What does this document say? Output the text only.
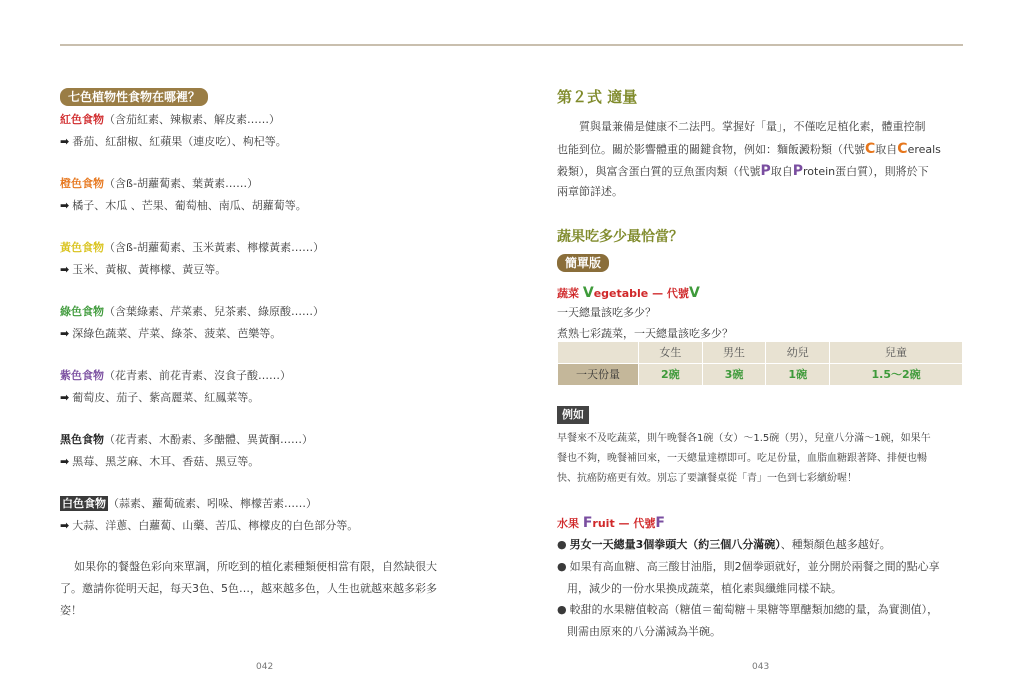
七色植物性食物在哪裡？
紅色食物（含茄紅素、辣椒素、解皮素……）
➡ 番茄、紅甜椒、紅蘋果（連皮吃）、枸杞等。
橙色食物（含ß-胡蘿蔔素、葉黃素……）
➡ 橘子、木瓜 、芒果、葡萄柚、南瓜、胡蘿蔔等。
黃色食物（含ß-胡蘿蔔素、玉米黃素、檸檬黃素……）
➡ 玉米、黃椒、黃檸檬、黃豆等。
綠色食物（含葉綠素、芹菜素、兒茶素、綠原酸……）
➡ 深綠色蔬菜、芹菜、綠茶、菠菜、芭樂等。
紫色食物（花青素、前花青素、沒食子酸……）
➡ 葡萄皮、茄子、紫高麗菜、紅鳳菜等。
黑色食物（花青素、木酚素、多醣體、異黃酮……）
➡ 黑莓、黑芝麻、木耳、香菇、黑豆等。
白色食物 （蒜素、蘿蔔硫素、吲哚、檸檬苦素……）
➡ 大蒜、洋蔥、白蘿蔔、山藥、苦瓜、檸檬皮的白色部分等。
如果你的餐盤色彩向來單調，所吃到的植化素種類便相當有限，自然缺很大
了。邀請你從明天起，每天3色、5色…，越來越多色，人生也就越來越多彩多
姿！
042
第２式 適量
質與量兼備是健康不二法門。掌握好「量」，不僅吃足植化素，體重控制
也能到位。關於影響體重的關鍵食物，例如：麵飯澱粉類（代號C取自Cereals
穀類），與富含蛋白質的豆魚蛋肉類（代號P取自Protein蛋白質），則將於下
兩章節詳述。
蔬果吃多少最恰當？
簡單版
蔬菜 Vegetable — 代號V
一天總量該吃多少？
煮熟七彩蔬菜，一天總量該吃多少？
	女生	男生	幼兒	兒童
一天份量	2碗	3碗	1碗	1.5～2碗
例如
早餐來不及吃蔬菜，則午晚餐各1碗（女）～1.5碗（男），兒童八分滿～1碗，如果午
餐也不夠，晚餐補回來，一天總量達標即可。吃足份量，血脂血糖跟著降、排便也暢
快、抗癌防癌更有效。別忘了要讓餐桌從「青」一色到七彩繽紛喔！
水果 Fruit — 代號F
● 男女一天總量3個拳頭大（約三個八分滿碗）、種類顏色越多越好。
● 如果有高血糖、高三酸甘油脂，則2個拳頭就好，並分開於兩餐之間的點心享
用，減少的一份水果換成蔬菜，植化素與纖維同樣不缺。
● 較甜的水果糖值較高（糖值＝葡萄糖＋果糖等單醣類加總的量，為實測值），
則需由原來的八分滿減為半碗。
043
